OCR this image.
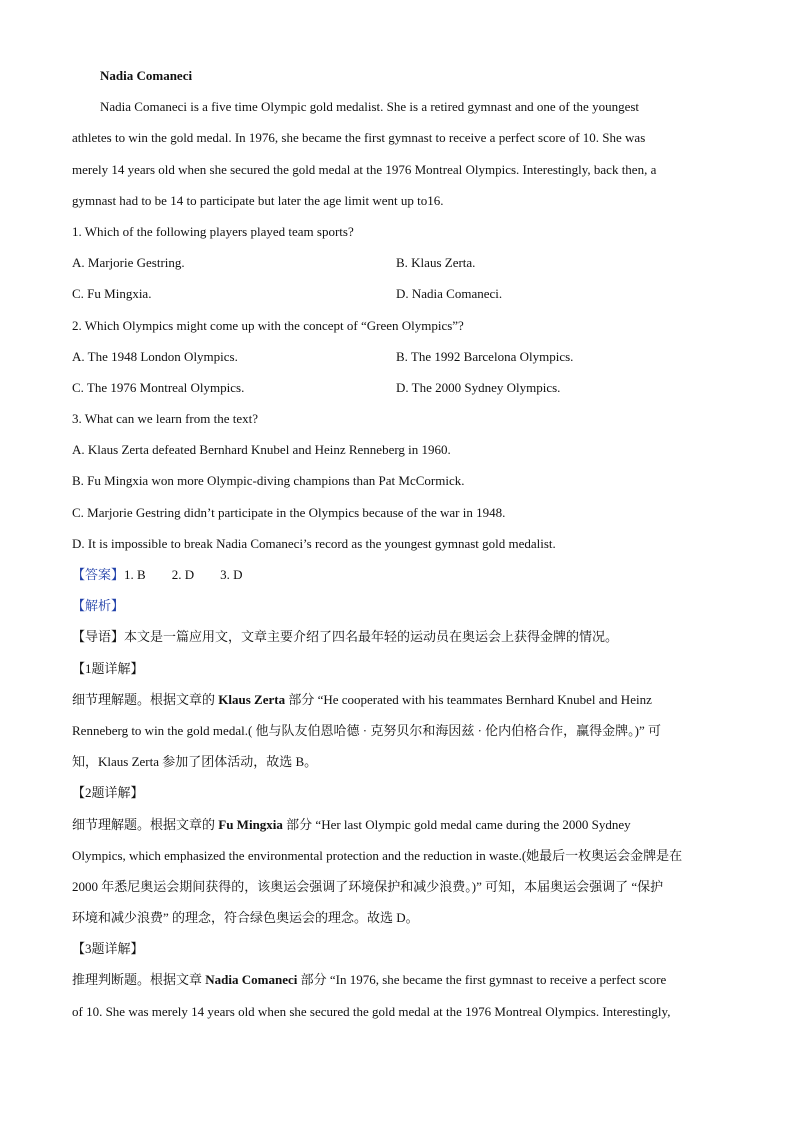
Nadia Comaneci
Nadia Comaneci is a five time Olympic gold medalist. She is a retired gymnast and one of the youngest
athletes to win the gold medal. In 1976, she became the first gymnast to receive a perfect score of 10. She was
merely 14 years old when she secured the gold medal at the 1976 Montreal Olympics. Interestingly, back then, a
gymnast had to be 14 to participate but later the age limit went up to16.
1. Which of the following players played team sports?
A. Marjorie Gestring.	B. Klaus Zerta.
C. Fu Mingxia.	D. Nadia Comaneci.
2. Which Olympics might come up with the concept of “Green Olympics”?
A. The 1948 London Olympics.	B. The 1992 Barcelona Olympics.
C. The 1976 Montreal Olympics.	D. The 2000 Sydney Olympics.
3. What can we learn from the text?
A. Klaus Zerta defeated Bernhard Knubel and Heinz Renneberg in 1960.
B. Fu Mingxia won more Olympic-diving champions than Pat McCormick.
C. Marjorie Gestring didn’t participate in the Olympics because of the war in 1948.
D. It is impossible to break Nadia Comaneci’s record as the youngest gymnast gold medalist.
【答案】1. B 2. D 3. D
【解析】
【导语】本文是一篇应用文，文章主要介绍了四名最年轻的运动员在奥运会上获得金牌的情况。
【1题详解】
细节理解题。根据文章的 Klaus Zerta 部分 “He cooperated with his teammates Bernhard Knubel and Heinz
Renneberg to win the gold medal.( 他与队友伯恩哈德 · 克努贝尔和海因兹 · 伦内伯格合作，赢得金牌。)” 可
知，Klaus Zerta 参加了团体活动，故选 B。
【2题详解】
细节理解题。根据文章的 Fu Mingxia 部分 “Her last Olympic gold medal came during the 2000 Sydney
Olympics, which emphasized the environmental protection and the reduction in waste.(她最后一枚奥运会金牌是在
2000 年悉尼奥运会期间获得的，该奥运会强调了环境保护和减少浪费。)” 可知，本届奥运会强调了 “保护
环境和减少浪费” 的理念，符合绿色奥运会的理念。故选 D。
【3题详解】
推理判断题。根据文章 Nadia Comaneci 部分 “In 1976, she became the first gymnast to receive a perfect score
of 10. She was merely 14 years old when she secured the gold medal at the 1976 Montreal Olympics. Interestingly,
